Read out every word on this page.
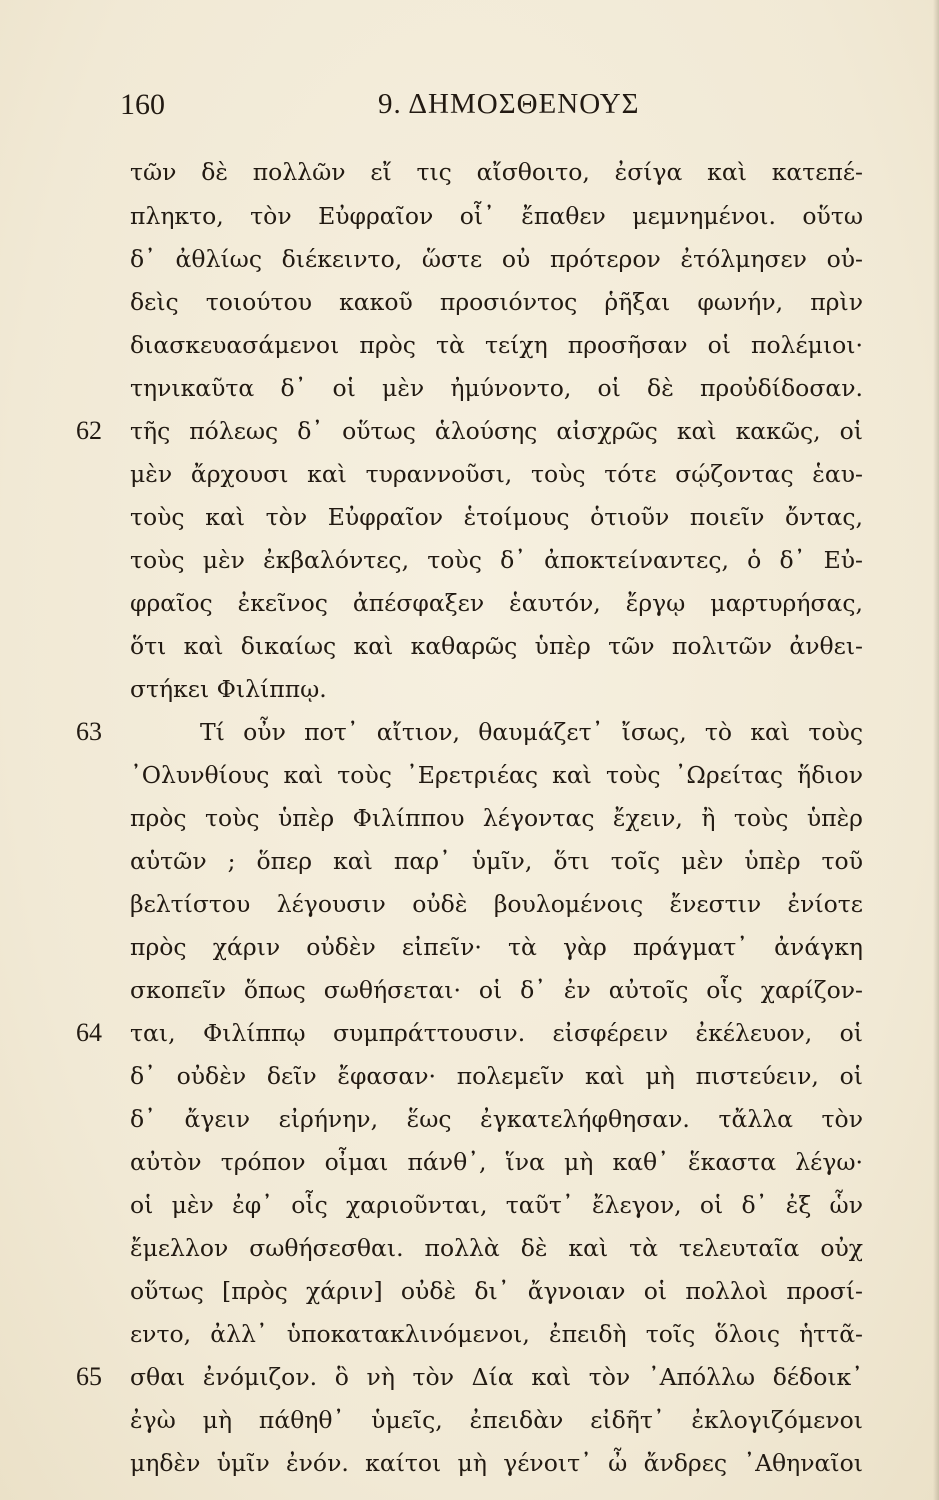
160	9. ΔΗΜΟΣΘΕΝΟΥΣ
τῶν δὲ πολλῶν εἴ τις αἴσθοιτο, ἐσίγα καὶ κατεπέ-
πληκτο, τὸν Εὐφραῖον οἷ᾽ ἔπαθεν μεμνημένοι. οὕτω
δ᾽ ἀθλίως διέκειντο, ὥστε οὐ πρότερον ἐτόλμησεν οὐ-
δεὶς τοιούτου κακοῦ προσιόντος ῥῆξαι φωνήν, πρὶν
διασκευασάμενοι πρὸς τὰ τείχη προσῆσαν οἱ πολέμιοι·
τηνικαῦτα δ᾽ οἱ μὲν ἠμύνοντο, οἱ δὲ προὐδίδοσαν.
62	τῆς πόλεως δ᾽ οὕτως ἁλούσης αἰσχρῶς καὶ κακῶς, οἱ
μὲν ἄρχουσι καὶ τυραννοῦσι, τοὺς τότε σῴζοντας ἑαυ-
τοὺς καὶ τὸν Εὐφραῖον ἑτοίμους ὁτιοῦν ποιεῖν ὄντας,
τοὺς μὲν ἐκβαλόντες, τοὺς δ᾽ ἀποκτείναντες, ὁ δ᾽ Εὐ-
φραῖος ἐκεῖνος ἀπέσφαξεν ἑαυτόν, ἔργῳ μαρτυρήσας,
ὅτι καὶ δικαίως καὶ καθαρῶς ὑπὲρ τῶν πολιτῶν ἀνθει-
στήκει Φιλίππῳ.
63	Τί οὖν ποτ᾽ αἴτιον, θαυμάζετ᾽ ἴσως, τὸ καὶ τοὺς
᾽Ολυνθίους καὶ τοὺς ᾽Ερετριέας καὶ τοὺς ᾽Ωρείτας ἥδιον
πρὸς τοὺς ὑπὲρ Φιλίππου λέγοντας ἔχειν, ἢ τοὺς ὑπὲρ
αὑτῶν ; ὅπερ καὶ παρ᾽ ὑμῖν, ὅτι τοῖς μὲν ὑπὲρ τοῦ
βελτίστου λέγουσιν οὐδὲ βουλομένοις ἔνεστιν ἐνίοτε
πρὸς χάριν οὐδὲν εἰπεῖν· τὰ γὰρ πράγματ᾽ ἀνάγκη
σκοπεῖν ὅπως σωθήσεται· οἱ δ᾽ ἐν αὐτοῖς οἷς χαρίζον-
64	ται, Φιλίππῳ συμπράττουσιν. εἰσφέρειν ἐκέλευον, οἱ
δ᾽ οὐδὲν δεῖν ἔφασαν· πολεμεῖν καὶ μὴ πιστεύειν, οἱ
δ᾽ ἄγειν εἰρήνην, ἕως ἐγκατελήφθησαν. τἄλλα τὸν
αὐτὸν τρόπον οἶμαι πάνθ᾽, ἵνα μὴ καθ᾽ ἕκαστα λέγω·
οἱ μὲν ἐφ᾽ οἷς χαριοῦνται, ταῦτ᾽ ἔλεγον, οἱ δ᾽ ἐξ ὧν
ἔμελλον σωθήσεσθαι. πολλὰ δὲ καὶ τὰ τελευταῖα οὐχ
οὕτως [πρὸς χάριν] οὐδὲ δι᾽ ἄγνοιαν οἱ πολλοὶ προσί-
εντο, ἀλλ᾽ ὑποκατακλινόμενοι, ἐπειδὴ τοῖς ὅλοις ἡττᾶ-
65	σθαι ἐνόμιζον. ὃ νὴ τὸν Δία καὶ τὸν ᾽Απόλλω δέδοικ᾽
ἐγὼ μὴ πάθηθ᾽ ὑμεῖς, ἐπειδὰν εἰδῆτ᾽ ἐκλογιζόμενοι
μηδὲν ὑμῖν ἐνόν. καίτοι μὴ γένοιτ᾽ ὦ ἄνδρες ᾽Αθηναῖοι
